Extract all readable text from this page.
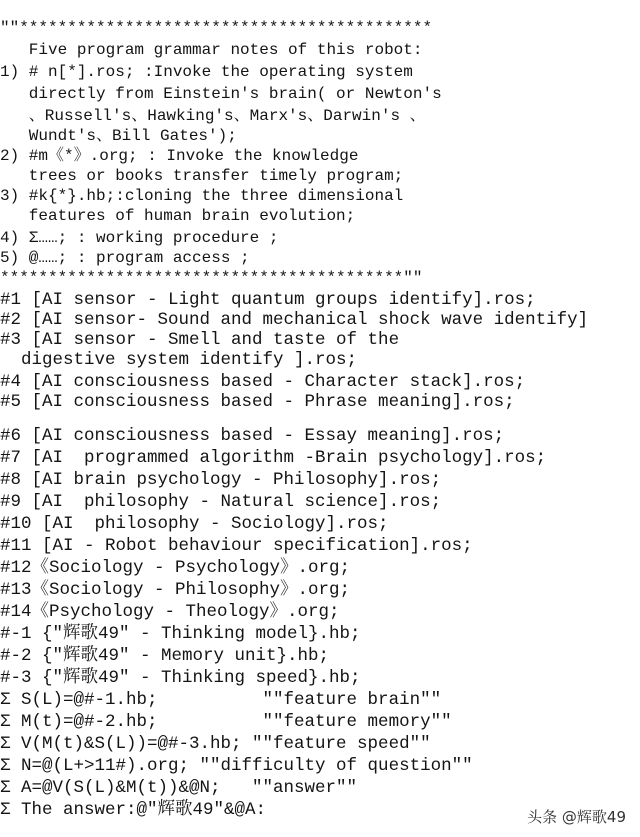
""*******************************************
Five program grammar notes of this robot:
1) # n[*].ros; :Invoke the operating system
directly from Einstein's brain( or Newton's
、Russell's、Hawking's、Marx's、Darwin's 、
Wundt's、Bill Gates');
2) #m《*》.org; : Invoke the knowledge
trees or books transfer timely program;
3) #k{*}.hb;:cloning the three dimensional
features of human brain evolution;
4) Σ……; : working procedure ;
5) @……; : program access ;
******************************************""
#1 [AI sensor - Light quantum groups identify].ros;
#2 [AI sensor- Sound and mechanical shock wave identify]
#3 [AI sensor - Smell and taste of the
digestive system identify ].ros;
#4 [AI consciousness based - Character stack].ros;
#5 [AI consciousness based - Phrase meaning].ros;
#6 [AI consciousness based - Essay meaning].ros;
#7 [AI  programmed algorithm -Brain psychology].ros;
#8 [AI brain psychology - Philosophy].ros;
#9 [AI  philosophy - Natural science].ros;
#10 [AI  philosophy - Sociology].ros;
#11 [AI - Robot behaviour specification].ros;
#12《Sociology - Psychology》.org;
#13《Sociology - Philosophy》.org;
#14《Psychology - Theology》.org;
#-1 {"辉歌49" - Thinking model}.hb;
#-2 {"辉歌49" - Memory unit}.hb;
#-3 {"辉歌49" - Thinking speed}.hb;
Σ S(L)=@#-1.hb;          ""feature brain""
Σ M(t)=@#-2.hb;          ""feature memory""
Σ V(M(t)&S(L))=@#-3.hb; ""feature speed""
Σ N=@(L+>11#).org; ""difficulty of question""
Σ A=@V(S(L)&M(t))&@N;   ""answer""
Σ The answer:@"辉歌49"&@A:	头条 @辉歌49
